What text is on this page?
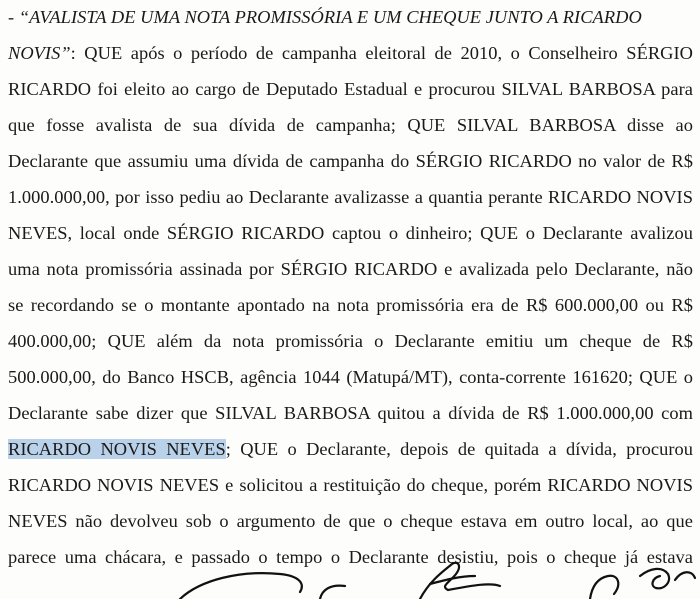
- “AVALISTA DE UMA NOTA PROMISSÓRIA E UM CHEQUE JUNTO A RICARDO
NOVIS”: QUE após o período de campanha eleitoral de 2010, o Conselheiro SÉRGIO
RICARDO foi eleito ao cargo de Deputado Estadual e procurou SILVAL BARBOSA para
que fosse avalista de sua dívida de campanha; QUE SILVAL BARBOSA disse ao
Declarante que assumiu uma dívida de campanha do SÉRGIO RICARDO no valor de R$
1.000.000,00, por isso pediu ao Declarante avalizasse a quantia perante RICARDO NOVIS
NEVES, local onde SÉRGIO RICARDO captou o dinheiro; QUE o Declarante avalizou
uma nota promissória assinada por SÉRGIO RICARDO e avalizada pelo Declarante, não
se recordando se o montante apontado na nota promissória era de R$ 600.000,00 ou R$
400.000,00; QUE além da nota promissória o Declarante emitiu um cheque de R$
500.000,00, do Banco HSCB, agência 1044 (Matupá/MT), conta-corrente 161620; QUE o
Declarante sabe dizer que SILVAL BARBOSA quitou a dívida de R$ 1.000.000,00 com
RICARDO NOVIS NEVES; QUE o Declarante, depois de quitada a dívida, procurou
RICARDO NOVIS NEVES e solicitou a restituição do cheque, porém RICARDO NOVIS
NEVES não devolveu sob o argumento de que o cheque estava em outro local, ao que
parece uma chácara, e passado o tempo o Declarante desistiu, pois o cheque já estava
